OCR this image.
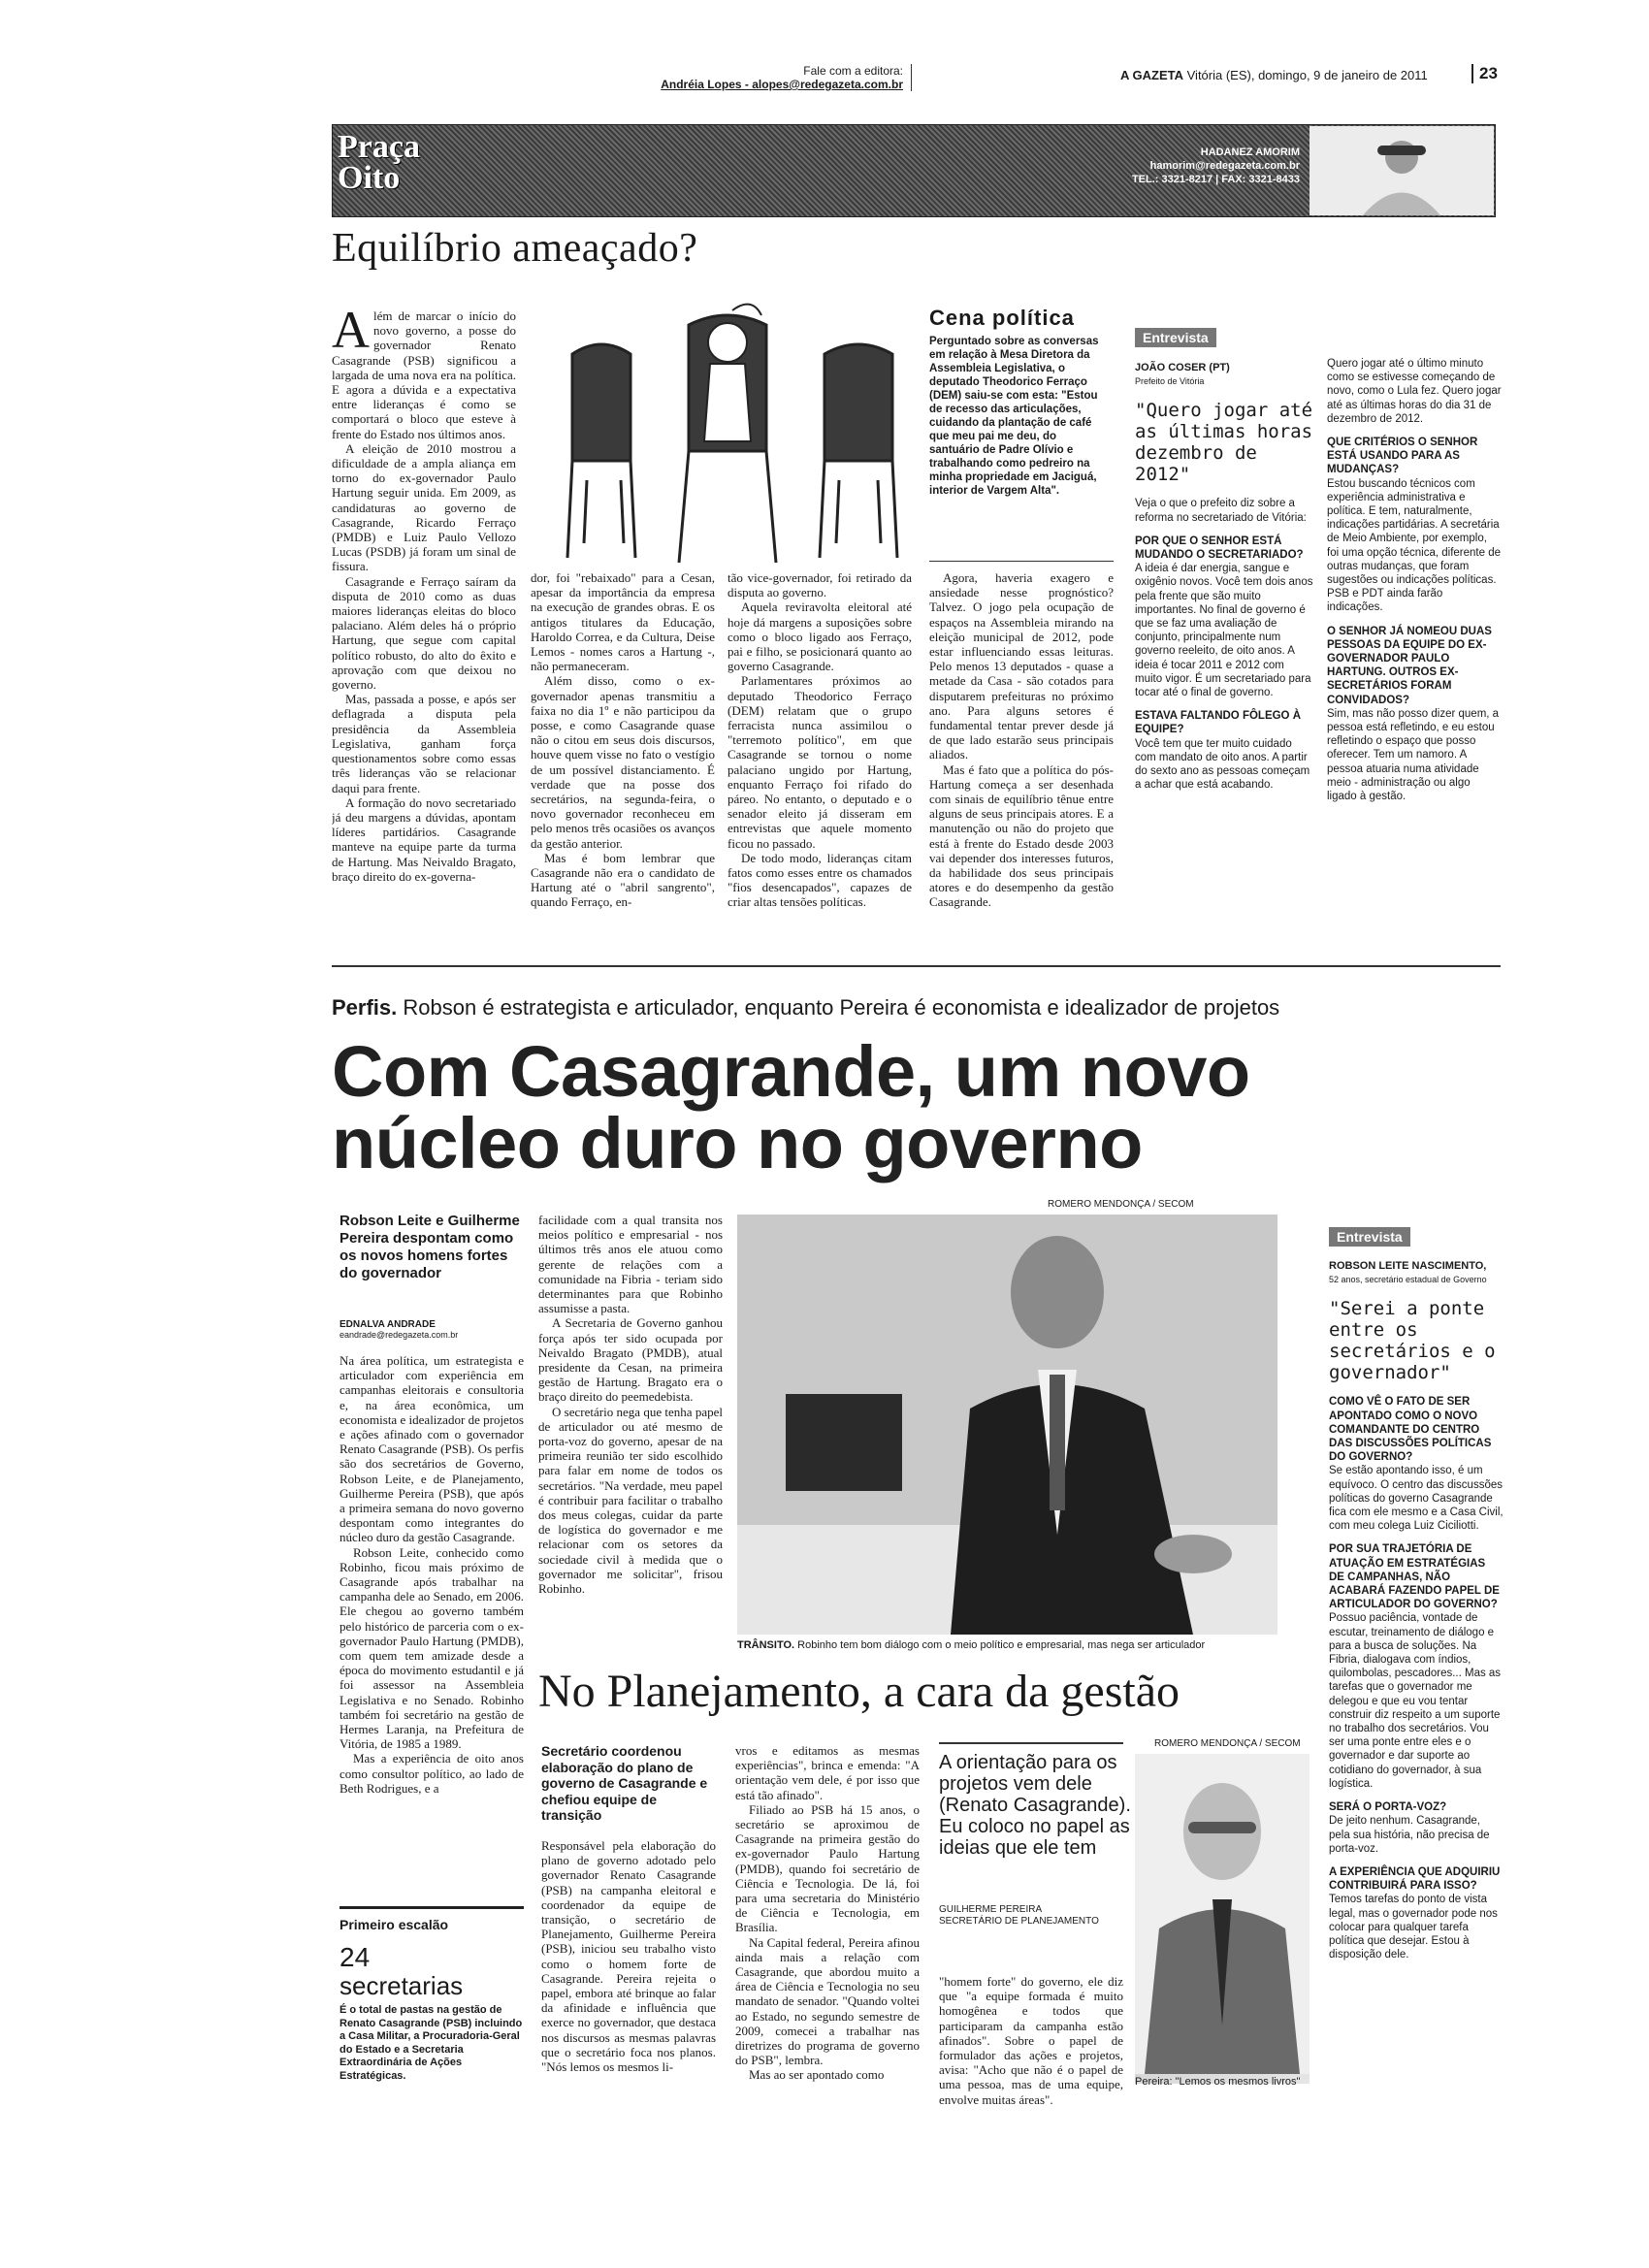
Fale com a editora:
Andréia Lopes - alopes@redegazeta.com.br
A GAZETA Vitória (ES), domingo, 9 de janeiro de 2011	23
Praça Oito
HADANEZ AMORIM
hamorim@redegazeta.com.br
TEL.: 3321-8217 | FAX: 3321-8433
Equilíbrio ameaçado?
A lém de marcar o início do novo governo, a posse do governador Renato Casagrande (PSB) significou a largada de uma nova era na política. E agora a dúvida e a expectativa entre lideranças é como se comportará o bloco que esteve à frente do Estado nos últimos anos.

A eleição de 2010 mostrou a dificuldade de a ampla aliança em torno do ex-governador Paulo Hartung seguir unida. Em 2009, as candidaturas ao governo de Casagrande, Ricardo Ferraço (PMDB) e Luiz Paulo Vellozo Lucas (PSDB) já foram um sinal de fissura.

Casagrande e Ferraço saíram da disputa de 2010 como as duas maiores lideranças eleitas do bloco palaciano. Além deles há o próprio Hartung, que segue com capital político robusto, do alto do êxito e aprovação com que deixou no governo.

Mas, passada a posse, e após ser deflagrada a disputa pela presidência da Assembleia Legislativa, ganham força questionamentos sobre como essas três lideranças vão se relacionar daqui para frente.

A formação do novo secretariado já deu margens a dúvidas, apontam líderes partidários. Casagrande manteve na equipe parte da turma de Hartung. Mas Neivaldo Bragato, braço direito do ex-governa-

dor, foi "rebaixado" para a Cesan, apesar da importância da empresa na execução de grandes obras. E os antigos titulares da Educação, Haroldo Correa, e da Cultura, Deise Lemos - nomes caros a Hartung -, não permaneceram.

Além disso, como o ex-governador apenas transmitiu a faixa no dia 1º e não participou da posse, e como Casagrande quase não o citou em seus dois discursos, houve quem visse no fato o vestígio de um possível distanciamento. É verdade que na posse dos secretários, na segunda-feira, o novo governador reconheceu em pelo menos três ocasiões os avanços da gestão anterior.

Mas é bom lembrar que Casagrande não era o candidato de Hartung até o "abril sangrento", quando Ferraço, en-

tão vice-governador, foi retirado da disputa ao governo.

Aquela reviravolta eleitoral até hoje dá margens a suposições sobre como o bloco ligado aos Ferraço, pai e filho, se posicionará quanto ao governo Casagrande.

Parlamentares próximos ao deputado Theodorico Ferraço (DEM) relatam que o grupo ferracista nunca assimilou o "terremoto político", em que Casagrande se tornou o nome palaciano ungido por Hartung, enquanto Ferraço foi rifado do páreo. No entanto, o deputado e o senador eleito já disseram em entrevistas que aquele momento ficou no passado.

De todo modo, lideranças citam fatos como esses entre os chamados "fios desencapados", capazes de criar altas tensões políticas.

Agora, haveria exagero e ansiedade nesse prognóstico? Talvez. O jogo pela ocupação de espaços na Assembleia mirando na eleição municipal de 2012, pode estar influenciando essas leituras. Pelo menos 13 deputados - quase a metade da Casa - são cotados para disputarem prefeituras no próximo ano. Para alguns setores é fundamental tentar prever desde já de que lado estarão seus principais aliados.

Mas é fato que a política do pós-Hartung começa a ser desenhada com sinais de equilíbrio tênue entre alguns de seus principais atores. E a manutenção ou não do projeto que está à frente do Estado desde 2003 vai depender dos interesses futuros, da habilidade dos seus principais atores e do desempenho da gestão Casagrande.

Cena política
Perguntado sobre as conversas em relação à Mesa Diretora da Assembleia Legislativa, o deputado Theodorico Ferraço (DEM) saiu-se com esta: "Estou de recesso das articulações, cuidando da plantação de café que meu pai me deu, do santuário de Padre Olívio e trabalhando como pedreiro na minha propriedade em Jaciguá, interior de Vargem Alta".
Entrevista
JOÃO COSER (PT)
Prefeito de Vitória
"Quero jogar até as últimas horas dezembro de 2012"
Veja o que o prefeito diz sobre a reforma no secretariado de Vitória:
POR QUE O SENHOR ESTÁ MUDANDO O SECRETARIADO?
A ideia é dar energia, sangue e oxigênio novos. Você tem dois anos pela frente que são muito importantes. No final de governo é que se faz uma avaliação de conjunto, principalmente num governo reeleito, de oito anos. A ideia é tocar 2011 e 2012 com muito vigor. É um secretariado para tocar até o final de governo.
ESTAVA FALTANDO FÔLEGO À EQUIPE?
Você tem que ter muito cuidado com mandato de oito anos. A partir do sexto ano as pessoas começam a achar que está acabando.
Quero jogar até o último minuto como se estivesse começando de novo, como o Lula fez. Quero jogar até as últimas horas do dia 31 de dezembro de 2012.
QUE CRITÉRIOS O SENHOR ESTÁ USANDO PARA AS MUDANÇAS?
Estou buscando técnicos com experiência administrativa e política. E tem, naturalmente, indicações partidárias. A secretária de Meio Ambiente, por exemplo, foi uma opção técnica, diferente de outras mudanças, que foram sugestões ou indicações políticas. PSB e PDT ainda farão indicações.
O SENHOR JÁ NOMEOU DUAS PESSOAS DA EQUIPE DO EX-GOVERNADOR PAULO HARTUNG. OUTROS EX-SECRETÁRIOS FORAM CONVIDADOS?
Sim, mas não posso dizer quem, a pessoa está refletindo, e eu estou refletindo o espaço que posso oferecer. Tem um namoro. A pessoa atuaria numa atividade meio - administração ou algo ligado à gestão.
Perfis. Robson é estrategista e articulador, enquanto Pereira é economista e idealizador de projetos
Com Casagrande, um novo núcleo duro no governo
Robson Leite e Guilherme Pereira despontam como os novos homens fortes do governador
EDNALVA ANDRADE
eandrade@redegazeta.com.br

Na área política, um estrategista e articulador com experiência em campanhas eleitorais e consultoria e, na área econômica, um economista e idealizador de projetos e ações afinado com o governador Renato Casagrande (PSB). Os perfis são dos secretários de Governo, Robson Leite, e de Planejamento, Guilherme Pereira (PSB), que após a primeira semana do novo governo despontam como integrantes do núcleo duro da gestão Casagrande.

Robson Leite, conhecido como Robinho, ficou mais próximo de Casagrande após trabalhar na campanha dele ao Senado, em 2006. Ele chegou ao governo também pelo histórico de parceria com o ex-governador Paulo Hartung (PMDB), com quem tem amizade desde a época do movimento estudantil e já foi assessor na Assembleia Legislativa e no Senado. Robinho também foi secretário na gestão de Hermes Laranja, na Prefeitura de Vitória, de 1985 a 1989.

Mas a experiência de oito anos como consultor político, ao lado de Beth Rodrigues, e a

facilidade com a qual transita nos meios político e empresarial - nos últimos três anos ele atuou como gerente de relações com a comunidade na Fibria - teriam sido determinantes para que Robinho assumisse a pasta.

A Secretaria de Governo ganhou força após ter sido ocupada por Neivaldo Bragato (PMDB), atual presidente da Cesan, na primeira gestão de Hartung. Bragato era o braço direito do peemedebista.

O secretário nega que tenha papel de articulador ou até mesmo de porta-voz do governo, apesar de na primeira reunião ter sido escolhido para falar em nome de todos os secretários. "Na verdade, meu papel é contribuir para facilitar o trabalho dos meus colegas, cuidar da parte de logística do governador e me relacionar com os setores da sociedade civil à medida que o governador me solicitar", frisou Robinho.

ROMERO MENDONÇA / SECOM
TRÂNSITO. Robinho tem bom diálogo com o meio político e empresarial, mas nega ser articulador
Entrevista
ROBSON LEITE NASCIMENTO,
52 anos, secretário estadual de Governo
"Serei a ponte entre os secretários e o governador"
COMO VÊ O FATO DE SER APONTADO COMO O NOVO COMANDANTE DO CENTRO DAS DISCUSSÕES POLÍTICAS DO GOVERNO?
Se estão apontando isso, é um equívoco. O centro das discussões políticas do governo Casagrande fica com ele mesmo e a Casa Civil, com meu colega Luiz Ciciliotti.
POR SUA TRAJETÓRIA DE ATUAÇÃO EM ESTRATÉGIAS DE CAMPANHAS, NÃO ACABARÁ FAZENDO PAPEL DE ARTICULADOR DO GOVERNO?
Possuo paciência, vontade de escutar, treinamento de diálogo e para a busca de soluções. Na Fibria, dialogava com índios, quilombolas, pescadores... Mas as tarefas que o governador me delegou e que eu vou tentar construir diz respeito a um suporte no trabalho dos secretários. Vou ser uma ponte entre eles e o governador e dar suporte ao cotidiano do governador, à sua logística.
SERÁ O PORTA-VOZ?
De jeito nenhum. Casagrande, pela sua história, não precisa de porta-voz.
A EXPERIÊNCIA QUE ADQUIRIU CONTRIBUIRÁ PARA ISSO?
Temos tarefas do ponto de vista legal, mas o governador pode nos colocar para qualquer tarefa política que desejar. Estou à disposição dele.
No Planejamento, a cara da gestão
Secretário coordenou elaboração do plano de governo de Casagrande e chefiou equipe de transição

Responsável pela elaboração do plano de governo adotado pelo governador Renato Casagrande (PSB) na campanha eleitoral e coordenador da equipe de transição, o secretário de Planejamento, Guilherme Pereira (PSB), iniciou seu trabalho visto como o homem forte de Casagrande. Pereira rejeita o papel, embora até brinque ao falar da afinidade e influência que exerce no governador, que destaca nos discursos as mesmas palavras que o secretário foca nos planos. "Nós lemos os mesmos li-

vros e editamos as mesmas experiências", brinca e emenda: "A orientação vem dele, é por isso que está tão afinado".

Filiado ao PSB há 15 anos, o secretário se aproximou de Casagrande na primeira gestão do ex-governador Paulo Hartung (PMDB), quando foi secretário de Ciência e Tecnologia. De lá, foi para uma secretaria do Ministério de Ciência e Tecnologia, em Brasília.

Na Capital federal, Pereira afinou ainda mais a relação com Casagrande, que abordou muito a área de Ciência e Tecnologia no seu mandato de senador. "Quando voltei ao Estado, no segundo semestre de 2009, comecei a trabalhar nas diretrizes do programa de governo do PSB", lembra.

Mas ao ser apontado como

A orientação para os projetos vem dele (Renato Casagrande). Eu coloco no papel as ideias que ele tem
GUILHERME PEREIRA
SECRETÁRIO DE PLANEJAMENTO

"homem forte" do governo, ele diz que "a equipe formada é muito homogênea e todos que participaram da campanha estão afinados". Sobre o papel de formulador das ações e projetos, avisa: "Acho que não é o papel de uma pessoa, mas de uma equipe, envolve muitas áreas".

ROMERO MENDONÇA / SECOM
Pereira: "Lemos os mesmos livros"
Primeiro escalão
24
secretarias
É o total de pastas na gestão de Renato Casagrande (PSB) incluindo a Casa Militar, a Procuradoria-Geral do Estado e a Secretaria Extraordinária de Ações Estratégicas.
